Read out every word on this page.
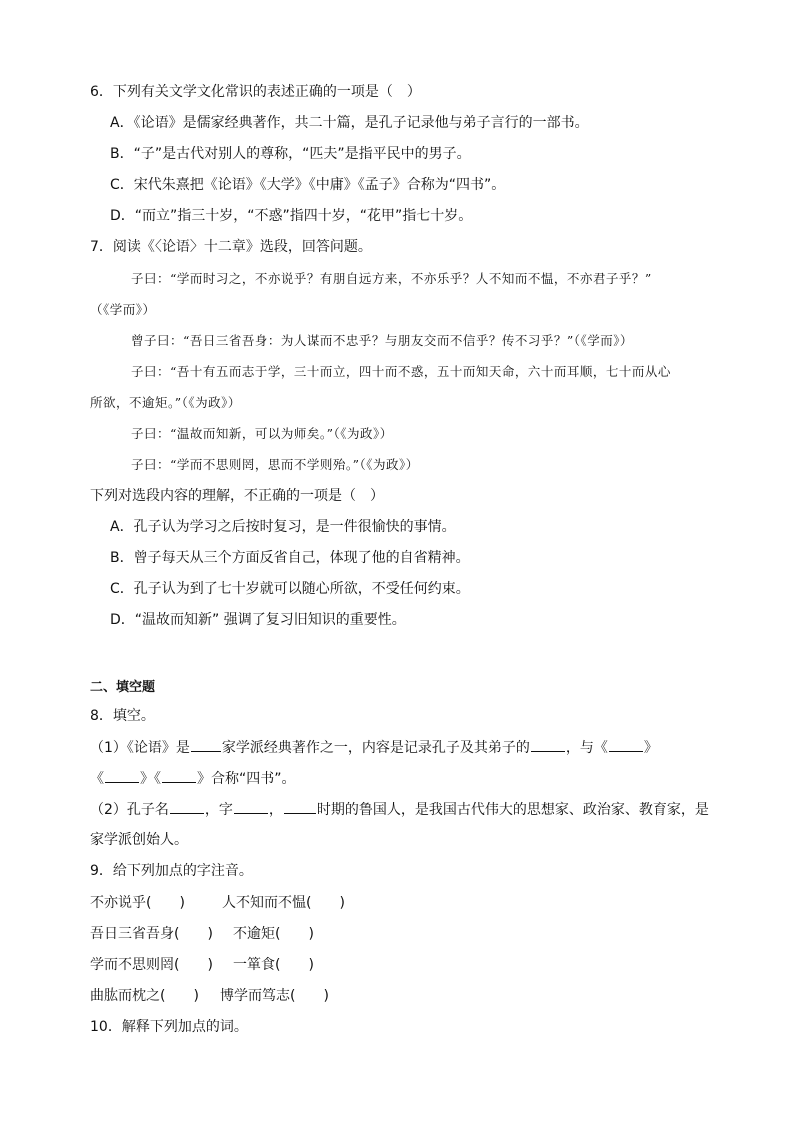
6．下列有关文学文化常识的表述正确的一项是（　）
A．《论语》是儒家经典著作，共二十篇，是孔子记录他与弟子言行的一部书。
B．“子”是古代对别人的尊称，“匹夫”是指平民中的男子。
C．宋代朱熹把《论语》《大学》《中庸》《孟子》合称为“四书”。
D．“而立”指三十岁，“不惑”指四十岁，“花甲”指七十岁。
7．阅读《〈论语〉十二章》选段，回答问题。
子曰：“学而时习之，不亦说乎？有朋自远方来，不亦乐乎？人不知而不愠，不亦君子乎？”
（《学而》）
曾子曰：“吾日三省吾身：为人谋而不忠乎？与朋友交而不信乎？传不习乎？”（《学而》）
子曰：“吾十有五而志于学，三十而立，四十而不惑，五十而知天命，六十而耳顺，七十而从心
所欲，不逾矩。”（《为政》）
子曰：“温故而知新，可以为师矣。”（《为政》）
子曰：“学而不思则罔，思而不学则殆。”（《为政》）
下列对选段内容的理解，不正确的一项是（　）
A．孔子认为学习之后按时复习，是一件很愉快的事情。
B．曾子每天从三个方面反省自己，体现了他的自省精神。
C．孔子认为到了七十岁就可以随心所欲，不受任何约束。
D．“温故而知新” 强调了复习旧知识的重要性。
二、填空题
8．填空。
（1）《论语》是 家学派经典著作之一，内容是记录孔子及其弟子的	，与《	》
《	》《	》合称“四书”。
（2）孔子名	，字	， 时期的鲁国人，是我国古代伟大的思想家、政治家、教育家，是
家学派创始人。
9．给下列加点的字注音。
不亦说乎(　　)	人不知而不愠(　　)
吾日三省吾身(　　) 不逾矩(　　)
学而不思则罔(　　) 一箪食(　　)
曲肱而枕之(　　) 博学而笃志(　　)
10．解释下列加点的词。
